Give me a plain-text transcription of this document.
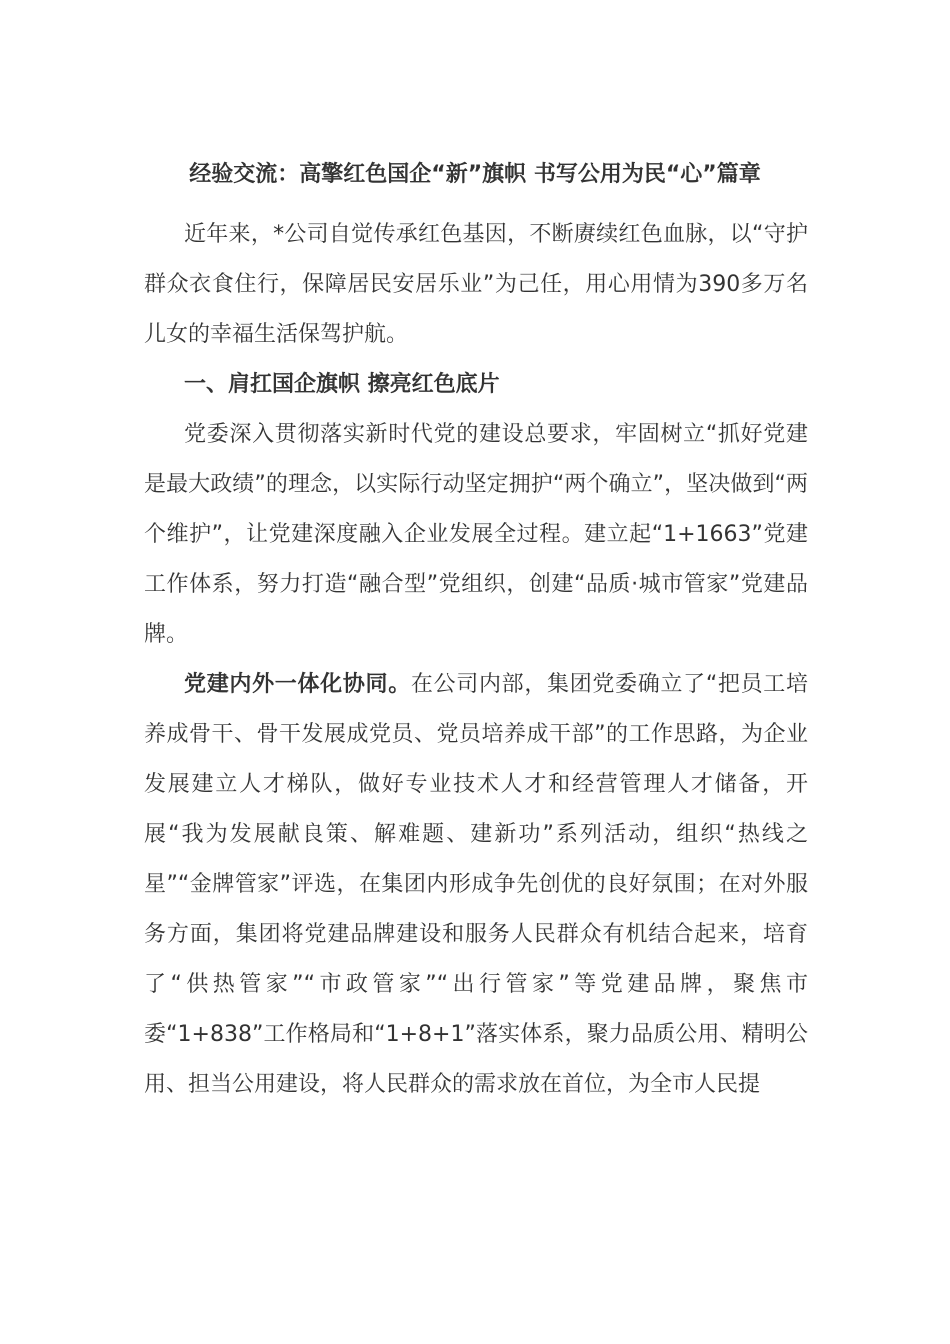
经验交流：高擎红色国企“新”旗帜 书写公用为民“心”篇章

近年来，*公司自觉传承红色基因，不断赓续红色血脉，以“守护群众衣食住行，保障居民安居乐业”为己任，用心用情为390多万名儿女的幸福生活保驾护航。

一、肩扛国企旗帜 擦亮红色底片

党委深入贯彻落实新时代党的建设总要求，牢固树立“抓好党建是最大政绩”的理念，以实际行动坚定拥护“两个确立”，坚决做到“两个维护”，让党建深度融入企业发展全过程。建立起“1+1663”党建工作体系，努力打造“融合型”党组织，创建“品质·城市管家”党建品牌。

党建内外一体化协同。在公司内部，集团党委确立了“把员工培养成骨干、骨干发展成党员、党员培养成干部”的工作思路，为企业发展建立人才梯队，做好专业技术人才和经营管理人才储备，开展“我为发展献良策、解难题、建新功”系列活动，组织“热线之星”“金牌管家”评选，在集团内形成争先创优的良好氛围；在对外服务方面，集团将党建品牌建设和服务人民群众有机结合起来，培育了“供热管家”“市政管家”“出行管家”等党建品牌，聚焦市委“1+838”工作格局和“1+8+1”落实体系，聚力品质公用、精明公用、担当公用建设，将人民群众的需求放在首位，为全市人民提
